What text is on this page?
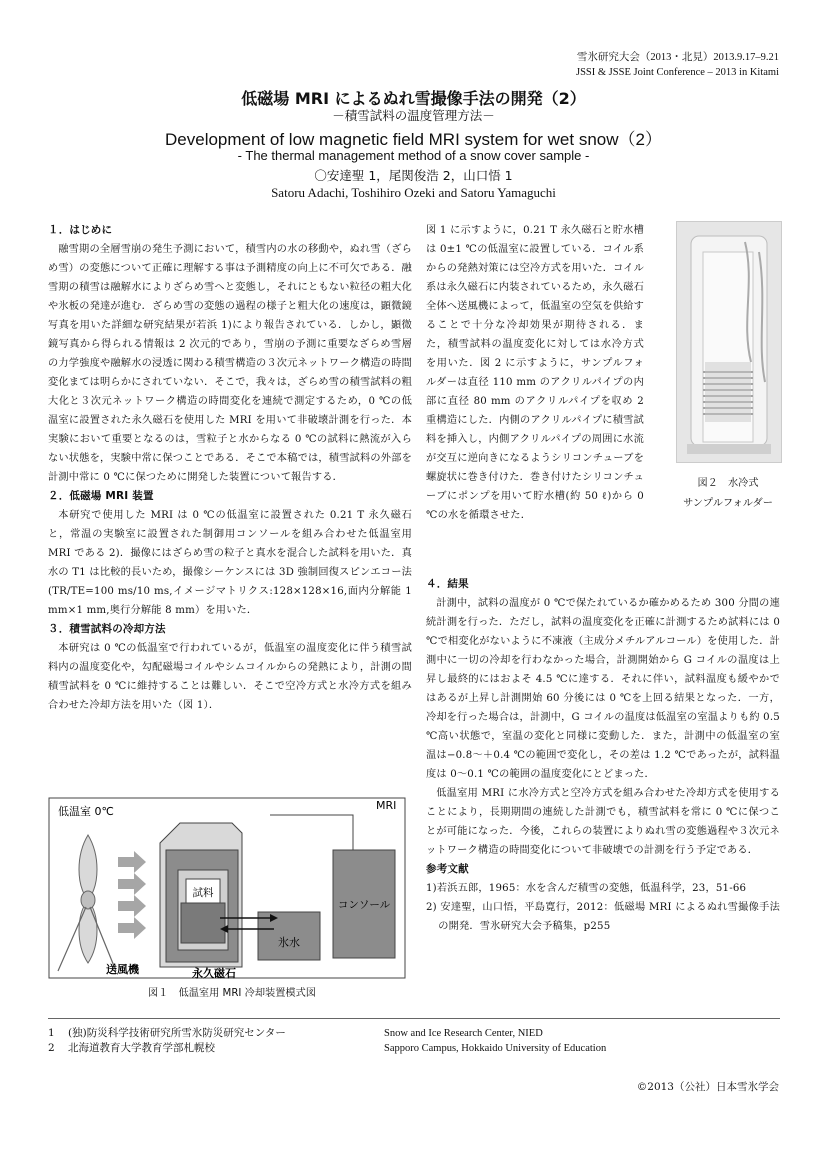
雪氷研究大会（2013・北見）2013.9.17–9.21
JSSI & JSSE Joint Conference – 2013 in Kitami
低磁場 MRI によるぬれ雪撮像手法の開発（2）
－積雪試料の温度管理方法－
Development of low magnetic field MRI system for wet snow（2）
- The thermal management method of a snow cover sample -
〇安達聖 1，尾関俊浩 2，山口悟 1
Satoru Adachi, Toshihiro Ozeki and Satoru Yamaguchi
１．はじめに

融雪期の全層雪崩の発生予測において，積雪内の水の移動や，ぬれ雪（ざらめ雪）の変態について正確に理解する事は予測精度の向上に不可欠である．融雪期の積雪は融解水によりざらめ雪へと変態し，それにともない粒径の粗大化や氷板の発達が進む．ざらめ雪の変態の過程の様子と粗大化の速度は，顕微鏡写真を用いた詳細な研究結果が若浜 1)により報告されている．しかし，顕微鏡写真から得られる情報は 2 次元的であり，雪崩の予測に重要なざらめ雪層の力学強度や融解水の浸透に関わる積雪構造の３次元ネットワーク構造の時間変化まては明らかにされていない．そこで，我々は，ざらめ雪の積雪試料の粗大化と３次元ネットワーク構造の時間変化を連続で測定するため，0 ℃の低温室に設置された永久磁石を使用した MRI を用いて非破壊計測を行った．本実験において重要となるのは，雪粒子と水からなる 0 ℃の試料に熱流が入らない状態を，実験中常に保つことである．そこで本稿では，積雪試料の外部を計測中常に 0 ℃に保つために開発した装置について報告する．

２．低磁場 MRI 装置

本研究で使用した MRI は 0 ℃の低温室に設置された 0.21 T 永久磁石と，常温の実験室に設置された制御用コンソールを組み合わせた低温室用 MRI である 2)．撮像にはざらめ雪の粒子と真水を混合した試料を用いた．真水の T1 は比較的長いため，撮像シーケンスには 3D 強制回復スピンエコー法(TR/TE=100 ms/10 ms,イメージマトリクス:128×128×16,面内分解能 1 mm×1 mm,奥行分解能 8 mm）を用いた．

３．積雪試料の冷却方法

本研究は 0 ℃の低温室で行われているが，低温室の温度変化に伴う積雪試料内の温度変化や，勾配磁場コイルやシムコイルからの発熱により，計測の間積雪試料を 0 ℃に維持することは難しい．そこで空冷方式と水冷方式を組み合わせた冷却方法を用いた（図 1）．

低温室 0℃	MRI
コンソール
送風機
試料
永久磁石
氷水
図１　低温室用 MRI 冷却装置模式図

図 1 に示すように，0.21 T 永久磁石と貯水槽は 0±1 ℃の低温室に設置している．コイル系からの発熱対策には空冷方式を用いた．コイル系は永久磁石に内装されているため，永久磁石全体へ送風機によって，低温室の空気を供給することで十分な冷却効果が期待される．また，積雪試料の温度変化に対しては水冷方式を用いた．図 2 に示すように，サンプルフォルダーは直径 110 mm のアクリルパイプの内部に直径 80 mm のアクリルパイプを収め 2 重構造にした．内側のアクリルパイプに積雪試料を挿入し，内側アクリルパイプの周囲に水流が交互に逆向きになるようシリコンチューブを螺旋状に巻き付けた．巻き付けたシリコンチューブにポンプを用いて貯水槽(約 50 ℓ)から 0 ℃の水を循環させた．

図２　水冷式
サンプルフォルダー
４．結果

計測中，試料の温度が 0 ℃で保たれているか確かめるため 300 分間の連続計測を行った．ただし，試料の温度変化を正確に計測するため試料には 0 ℃で相変化がないように不凍液（主成分メチルアルコール）を使用した．計測中に一切の冷却を行わなかった場合，計測開始から G コイルの温度は上昇し最終的にはおよそ 4.5 ℃に達する．それに伴い，試料温度も緩やかではあるが上昇し計測開始 60 分後には 0 ℃を上回る結果となった．一方，冷却を行った場合は，計測中，G コイルの温度は低温室の室温よりも約 0.5 ℃高い状態で，室温の変化と同様に変動した．また，計測中の低温室の室温は−0.8〜＋0.4 ℃の範囲で変化し，その差は 1.2 ℃であったが，試料温度は 0〜0.1 ℃の範囲の温度変化にとどまった．

低温室用 MRI に水冷方式と空冷方式を組み合わせた冷却方式を使用することにより，長期期間の連続した計測でも，積雪試料を常に 0 ℃に保つことが可能になった．今後，これらの装置によりぬれ雪の変態過程や３次元ネットワーク構造の時間変化について非破壊での計測を行う予定である．

参考文献
1)若浜五郎，1965：水を含んだ積雪の変態，低温科学，23，51-66
2) 安達聖，山口悟，平島寛行，2012：低磁場 MRI によるぬれ雪撮像手法の開発．雪氷研究大会予稿集，p255
1 (独)防災科学技術研究所雪氷防災研究センター
2 北海道教育大学教育学部札幌校
Snow and Ice Research Center, NIED
Sapporo Campus, Hokkaido University of Education
©2013（公社）日本雪氷学会
